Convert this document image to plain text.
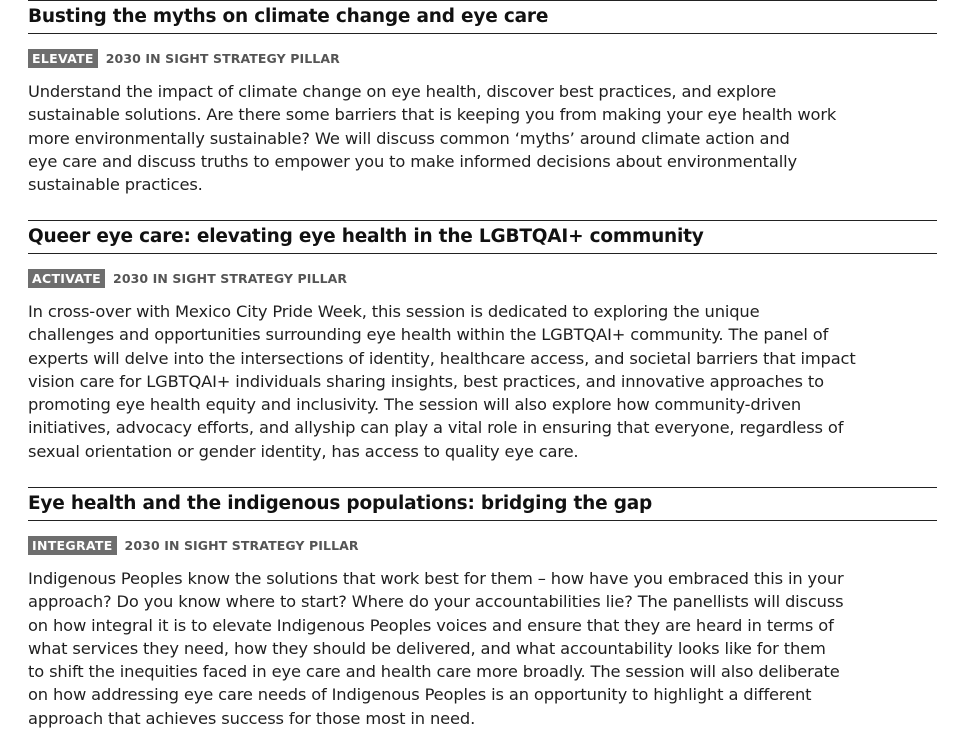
Busting the myths on climate change and eye care
ELEVATE 2030 IN SIGHT STRATEGY PILLAR

Understand the impact of climate change on eye health, discover best practices, and explore

sustainable solutions. Are there some barriers that is keeping you from making your eye health work

more environmentally sustainable? We will discuss common ‘myths’ around climate action and

eye care and discuss truths to empower you to make informed decisions about environmentally

sustainable practices.

Queer eye care: elevating eye health in the LGBTQAI+ community
ACTIVATE 2030 IN SIGHT STRATEGY PILLAR

In cross-over with Mexico City Pride Week, this session is dedicated to exploring the unique

challenges and opportunities surrounding eye health within the LGBTQAI+ community. The panel of

experts will delve into the intersections of identity, healthcare access, and societal barriers that impact

vision care for LGBTQAI+ individuals sharing insights, best practices, and innovative approaches to

promoting eye health equity and inclusivity. The session will also explore how community-driven

initiatives, advocacy efforts, and allyship can play a vital role in ensuring that everyone, regardless of

sexual orientation or gender identity, has access to quality eye care.

Eye health and the indigenous populations: bridging the gap
INTEGRATE 2030 IN SIGHT STRATEGY PILLAR

Indigenous Peoples know the solutions that work best for them – how have you embraced this in your

approach? Do you know where to start? Where do your accountabilities lie? The panellists will discuss

on how integral it is to elevate Indigenous Peoples voices and ensure that they are heard in terms of

what services they need, how they should be delivered, and what accountability looks like for them

to shift the inequities faced in eye care and health care more broadly. The session will also deliberate

on how addressing eye care needs of Indigenous Peoples is an opportunity to highlight a different

approach that achieves success for those most in need.
